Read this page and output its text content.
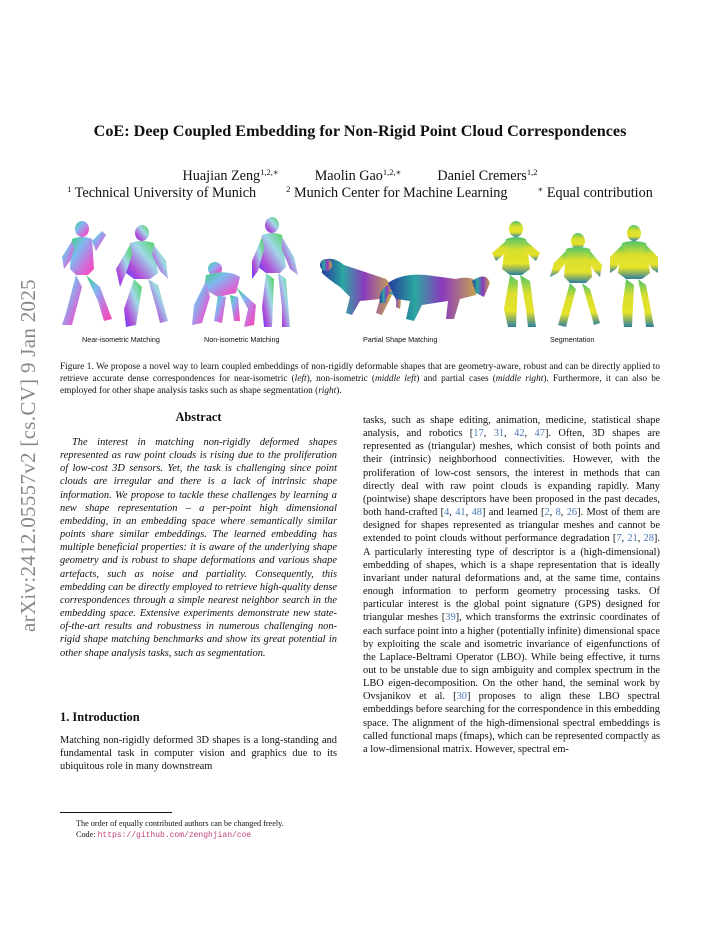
arXiv:2412.05557v2 [cs.CV] 9 Jan 2025
CoE: Deep Coupled Embedding for Non-Rigid Point Cloud Correspondences
Huajian Zeng$^{1,2,∗}$	Maolin Gao$^{1,2,∗}$	Daniel Cremers$^{1,2}$
$^1$ Technical University of Munich	$^2$ Munich Center for Machine Learning	∗ Equal contribution
Near-isometric Matching	Non-isometric Matching	Partial Shape Matching	Segmentation
Figure 1. We propose a novel way to learn coupled embeddings of non-rigidly deformable shapes that are geometry-aware, robust and can be directly applied to retrieve accurate dense correspondences for near-isometric (left), non-isometric (middle left) and partial cases (middle right). Furthermore, it can also be employed for other shape analysis tasks such as shape segmentation (right).
Abstract
The interest in matching non-rigidly deformed shapes represented as raw point clouds is rising due to the proliferation of low-cost 3D sensors. Yet, the task is challenging since point clouds are irregular and there is a lack of intrinsic shape information. We propose to tackle these challenges by learning a new shape representation – a per-point high dimensional embedding, in an embedding space where semantically similar points share similar embeddings. The learned embedding has multiple beneficial properties: it is aware of the underlying shape geometry and is robust to shape deformations and various shape artefacts, such as noise and partiality. Consequently, this embedding can be directly employed to retrieve high-quality dense correspondences through a simple nearest neighbor search in the embedding space. Extensive experiments demonstrate new state-of-the-art results and robustness in numerous challenging non-rigid shape matching benchmarks and show its great potential in other shape analysis tasks, such as segmentation.
1. Introduction
Matching non-rigidly deformed 3D shapes is a long-standing and fundamental task in computer vision and graphics due to its ubiquitous role in many downstream
The order of equally contributed authors can be changed freely.
Code: https://github.com/zenghjian/coe
tasks, such as shape editing, animation, medicine, statistical shape analysis, and robotics [17, 31, 42, 47]. Often, 3D shapes are represented as (triangular) meshes, which consist of both points and their (intrinsic) neighborhood connectivities. However, with the proliferation of low-cost sensors, the interest in methods that can directly deal with raw point clouds is expanding rapidly. Many (pointwise) shape descriptors have been proposed in the past decades, both hand-crafted [4, 41, 48] and learned [2, 8, 26]. Most of them are designed for shapes represented as triangular meshes and cannot be extended to point clouds without performance degradation [7, 21, 28]. A particularly interesting type of descriptor is a (high-dimensional) embedding of shapes, which is a shape representation that is ideally invariant under natural deformations and, at the same time, contains enough information to perform geometry processing tasks. Of particular interest is the global point signature (GPS) designed for triangular meshes [39], which transforms the extrinsic coordinates of each surface point into a higher (potentially infinite) dimensional space by exploiting the scale and isometric invariance of eigenfunctions of the Laplace-Beltrami Operator (LBO). While being effective, it turns out to be unstable due to sign ambiguity and complex spectrum in the LBO eigen-decomposition. On the other hand, the seminal work by Ovsjanikov et al. [30] proposes to align these LBO spectral embeddings before searching for the correspondence in this embedding space. The alignment of the high-dimensional spectral embeddings is called functional maps (fmaps), which can be represented compactly as a low-dimensional matrix. However, spectral em-
